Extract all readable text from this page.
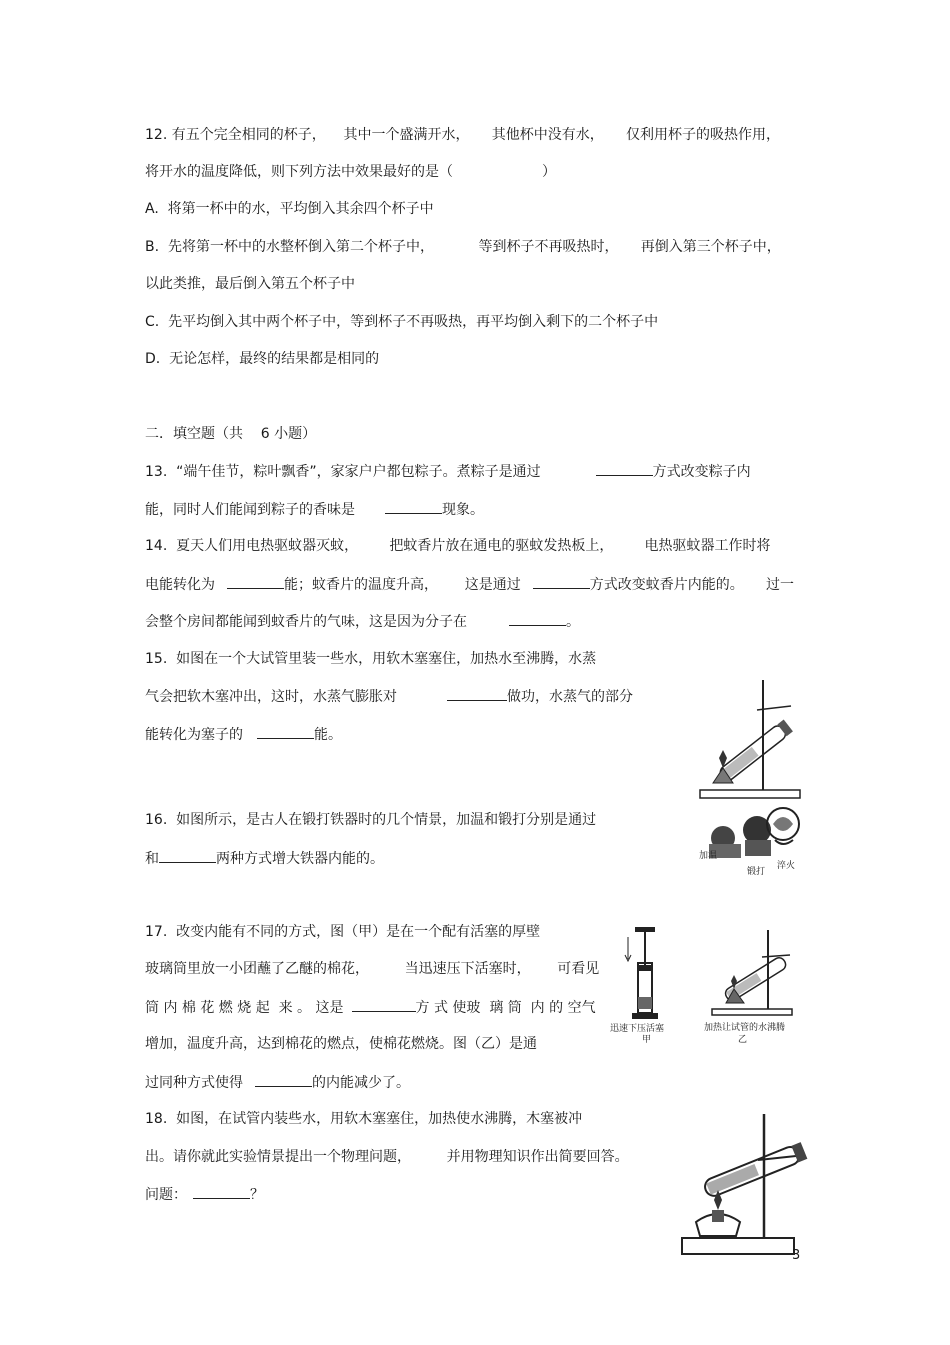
12. 有五个完全相同的杯子，    其中一个盛满开水，     其他杯中没有水，     仅利用杯子的吸热作用，
将开水的温度降低，则下列方法中效果最好的是（                    ）
A.  将第一杯中的水，平均倒入其余四个杯子中
B.  先将第一杯中的水整杯倒入第二个杯子中，          等到杯子不再吸热时，     再倒入第三个杯子中，
以此类推，最后倒入第五个杯子中
C.  先平均倒入其中两个杯子中，等到杯子不再吸热，再平均倒入剩下的二个杯子中
D.  无论怎样，最终的结果都是相同的
二．填空题（共    6 小题）
13.  “端午佳节，粽叶飘香”，家家户户都包粽子。煮粽子是通过	方式改变粽子内
能，同时人们能闻到粽子的香味是	现象。
14.  夏天人们用电热驱蚊器灭蚊，       把蚊香片放在通电的驱蚊发热板上，       电热驱蚊器工作时将
电能转化为	能；蚊香片的温度升高，      这是通过	方式改变蚊香片内能的。     过一
会整个房间都能闻到蚊香片的气味，这是因为分子在	。
15.  如图在一个大试管里装一些水，用软木塞塞住，加热水至沸腾，水蒸
气会把软木塞冲出，这时，水蒸气膨胀对	做功，水蒸气的部分
能转化为塞子的	能。
16.  如图所示，是古人在锻打铁器时的几个情景，加温和锻打分别是通过
和	两种方式增大铁器内能的。	加温
锻打
淬火
17.  改变内能有不同的方式，图（甲）是在一个配有活塞的厚壁
玻璃筒里放一小团蘸了乙醚的棉花，        当迅速压下活塞时，      可看见
筒 内 棉 花 燃 烧 起  来 。 这是	方 式 使玻  璃 筒  内 的 空气
增加，温度升高，达到棉花的燃点，使棉花燃烧。图（乙）是通
过同种方式使得	的内能减少了。
迅速下压活塞
甲
加热让试管的水沸腾
乙
18.  如图，在试管内装些水，用软木塞塞住，加热使水沸腾，木塞被冲
出。请你就此实验情景提出一个物理问题，        并用物理知识作出简要回答。
问题：	？
3
